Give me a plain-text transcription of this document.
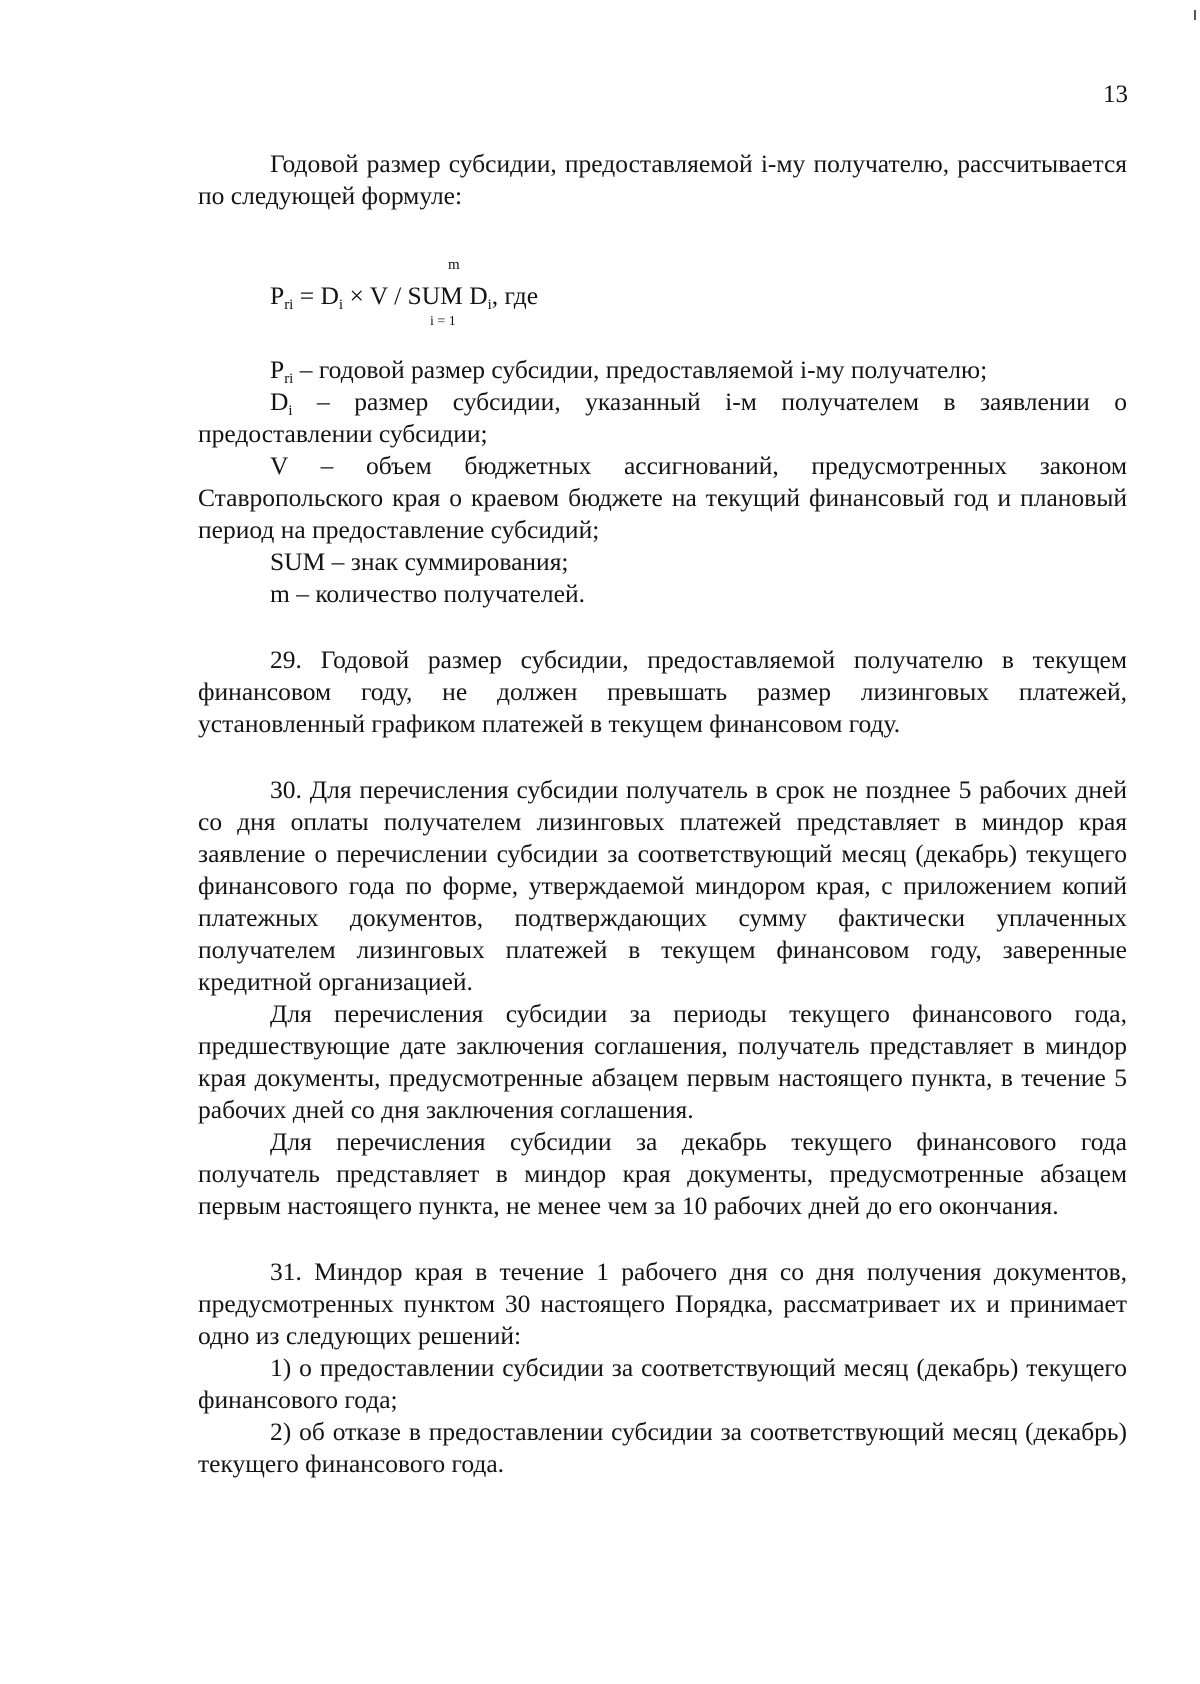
13

Годовой размер субсидии, предоставляемой i-му получателю, рассчитывается по следующей формуле:

m
$P_{ri} = D_i \times V$ / SUM $D_i$, где
i = 1

$P_{ri}$ – годовой размер субсидии, предоставляемой i-му получателю;

$D_i$ – размер субсидии, указанный i-м получателем в заявлении о предоставлении субсидии;

V – объем бюджетных ассигнований, предусмотренных законом Ставропольского края о краевом бюджете на текущий финансовый год и плановый период на предоставление субсидий;

SUM – знак суммирования;

m – количество получателей.

29. Годовой размер субсидии, предоставляемой получателю в текущем финансовом году, не должен превышать размер лизинговых платежей, установленный графиком платежей в текущем финансовом году.

30. Для перечисления субсидии получатель в срок не позднее 5 рабочих дней со дня оплаты получателем лизинговых платежей представляет в миндор края заявление о перечислении субсидии за соответствующий месяц (декабрь) текущего финансового года по форме, утверждаемой миндором края, с приложением копий платежных документов, подтверждающих сумму фактически уплаченных получателем лизинговых платежей в текущем финансовом году, заверенные кредитной организацией.

Для перечисления субсидии за периоды текущего финансового года, предшествующие дате заключения соглашения, получатель представляет в миндор края документы, предусмотренные абзацем первым настоящего пункта, в течение 5 рабочих дней со дня заключения соглашения.

Для перечисления субсидии за декабрь текущего финансового года получатель представляет в миндор края документы, предусмотренные абзацем первым настоящего пункта, не менее чем за 10 рабочих дней до его окончания.

31. Миндор края в течение 1 рабочего дня со дня получения документов, предусмотренных пунктом 30 настоящего Порядка, рассматривает их и принимает одно из следующих решений:

1) о предоставлении субсидии за соответствующий месяц (декабрь) текущего финансового года;

2) об отказе в предоставлении субсидии за соответствующий месяц (декабрь) текущего финансового года.
